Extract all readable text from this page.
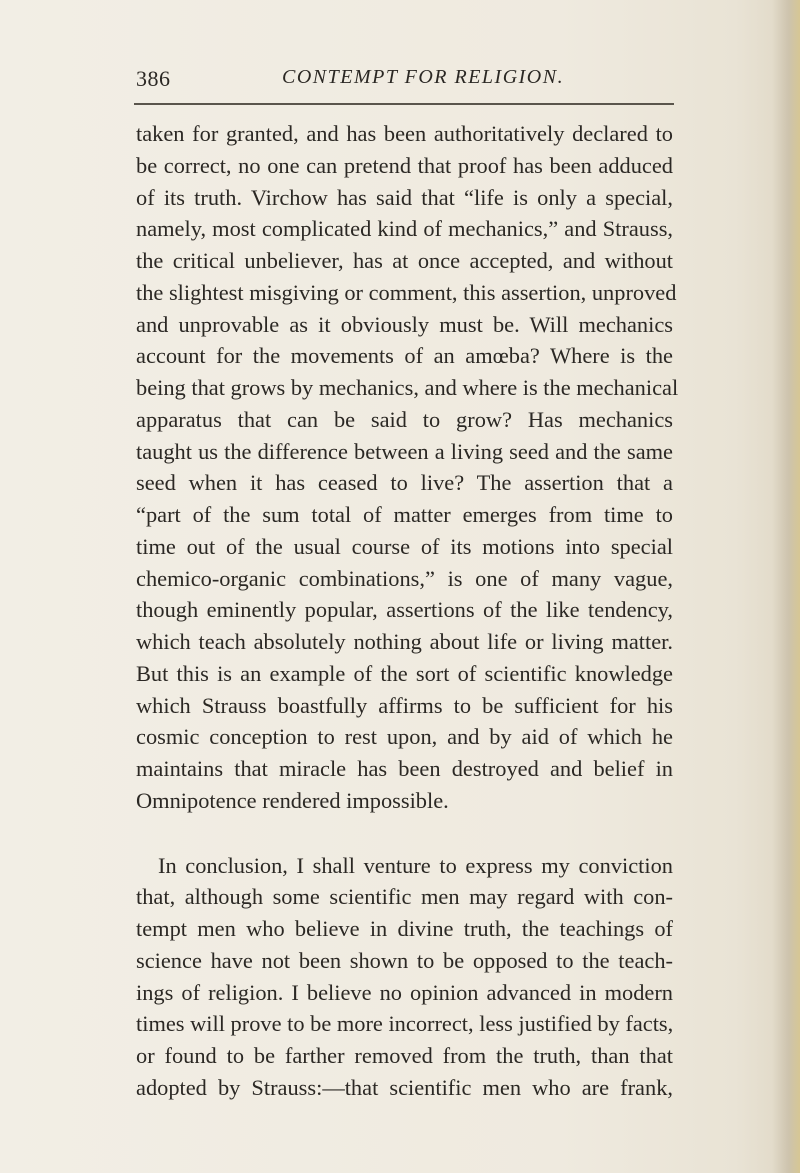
386	CONTEMPT FOR RELIGION.
taken for granted, and has been authoritatively declared to
be correct, no one can pretend that proof has been adduced
of its truth. Virchow has said that “life is only a special,
namely, most complicated kind of mechanics,” and Strauss,
the critical unbeliever, has at once accepted, and without
the slightest misgiving or comment, this assertion, unproved
and unprovable as it obviously must be. Will mechanics
account for the movements of an amœba? Where is the
being that grows by mechanics, and where is the mechanical
apparatus that can be said to grow? Has mechanics
taught us the difference between a living seed and the same
seed when it has ceased to live? The assertion that a
“part of the sum total of matter emerges from time to
time out of the usual course of its motions into special
chemico-organic combinations,” is one of many vague,
though eminently popular, assertions of the like tendency,
which teach absolutely nothing about life or living matter.
But this is an example of the sort of scientific knowledge
which Strauss boastfully affirms to be sufficient for his
cosmic conception to rest upon, and by aid of which he
maintains that miracle has been destroyed and belief in
Omnipotence rendered impossible.
In conclusion, I shall venture to express my conviction
that, although some scientific men may regard with con-
tempt men who believe in divine truth, the teachings of
science have not been shown to be opposed to the teach-
ings of religion. I believe no opinion advanced in modern
times will prove to be more incorrect, less justified by facts,
or found to be farther removed from the truth, than that
adopted by Strauss:—that scientific men who are frank,
